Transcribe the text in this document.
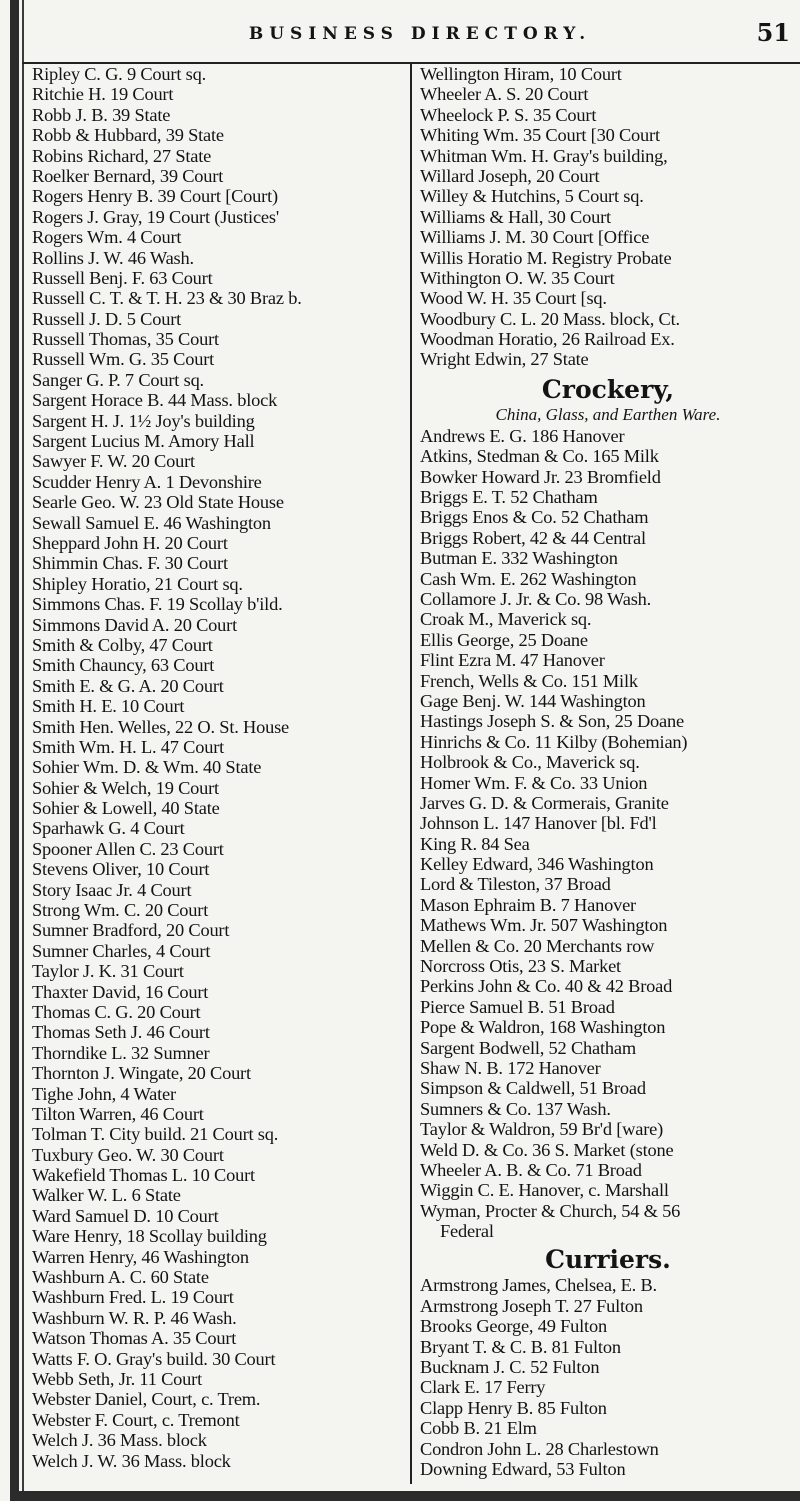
BUSINESS DIRECTORY.	51
Ripley C. G. 9 Court sq.
Ritchie H. 19 Court
Robb J. B. 39 State
Robb & Hubbard, 39 State
Robins Richard, 27 State
Roelker Bernard, 39 Court
Rogers Henry B. 39 Court [Court)
Rogers J. Gray, 19 Court (Justices'
Rogers Wm. 4 Court
Rollins J. W. 46 Wash.
Russell Benj. F. 63 Court
Russell C. T. & T. H. 23 & 30 Braz b.
Russell J. D. 5 Court
Russell Thomas, 35 Court
Russell Wm. G. 35 Court
Sanger G. P. 7 Court sq.
Sargent Horace B. 44 Mass. block
Sargent H. J. 1½ Joy's building
Sargent Lucius M. Amory Hall
Sawyer F. W. 20 Court
Scudder Henry A. 1 Devonshire
Searle Geo. W. 23 Old State House
Sewall Samuel E. 46 Washington
Sheppard John H. 20 Court
Shimmin Chas. F. 30 Court
Shipley Horatio, 21 Court sq.
Simmons Chas. F. 19 Scollay b'ild.
Simmons David A. 20 Court
Smith & Colby, 47 Court
Smith Chauncy, 63 Court
Smith E. & G. A. 20 Court
Smith H. E. 10 Court
Smith Hen. Welles, 22 O. St. House
Smith Wm. H. L. 47 Court
Sohier Wm. D. & Wm. 40 State
Sohier & Welch, 19 Court
Sohier & Lowell, 40 State
Sparhawk G. 4 Court
Spooner Allen C. 23 Court
Stevens Oliver, 10 Court
Story Isaac Jr. 4 Court
Strong Wm. C. 20 Court
Sumner Bradford, 20 Court
Sumner Charles, 4 Court
Taylor J. K. 31 Court
Thaxter David, 16 Court
Thomas C. G. 20 Court
Thomas Seth J. 46 Court
Thorndike L. 32 Sumner
Thornton J. Wingate, 20 Court
Tighe John, 4 Water
Tilton Warren, 46 Court
Tolman T. City build. 21 Court sq.
Tuxbury Geo. W. 30 Court
Wakefield Thomas L. 10 Court
Walker W. L. 6 State
Ward Samuel D. 10 Court
Ware Henry, 18 Scollay building
Warren Henry, 46 Washington
Washburn A. C. 60 State
Washburn Fred. L. 19 Court
Washburn W. R. P. 46 Wash.
Watson Thomas A. 35 Court
Watts F. O. Gray's build. 30 Court
Webb Seth, Jr. 11 Court
Webster Daniel, Court, c. Trem.
Webster F. Court, c. Tremont
Welch J. 36 Mass. block
Welch J. W. 36 Mass. block
Wellington Hiram, 10 Court
Wheeler A. S. 20 Court
Wheelock P. S. 35 Court
Whiting Wm. 35 Court [30 Court
Whitman Wm. H. Gray's building,
Willard Joseph, 20 Court
Willey & Hutchins, 5 Court sq.
Williams & Hall, 30 Court
Williams J. M. 30 Court [Office
Willis Horatio M. Registry Probate
Withington O. W. 35 Court
Wood W. H. 35 Court [sq.
Woodbury C. L. 20 Mass. block, Ct.
Woodman Horatio, 26 Railroad Ex.
Wright Edwin, 27 State
Crockery,
China, Glass, and Earthen Ware.
Andrews E. G. 186 Hanover
Atkins, Stedman & Co. 165 Milk
Bowker Howard Jr. 23 Bromfield
Briggs E. T. 52 Chatham
Briggs Enos & Co. 52 Chatham
Briggs Robert, 42 & 44 Central
Butman E. 332 Washington
Cash Wm. E. 262 Washington
Collamore J. Jr. & Co. 98 Wash.
Croak M., Maverick sq.
Ellis George, 25 Doane
Flint Ezra M. 47 Hanover
French, Wells & Co. 151 Milk
Gage Benj. W. 144 Washington
Hastings Joseph S. & Son, 25 Doane
Hinrichs & Co. 11 Kilby (Bohemian)
Holbrook & Co., Maverick sq.
Homer Wm. F. & Co. 33 Union
Jarves G. D. & Cormerais, Granite
Johnson L. 147 Hanover [bl. Fd'l
King R. 84 Sea
Kelley Edward, 346 Washington
Lord & Tileston, 37 Broad
Mason Ephraim B. 7 Hanover
Mathews Wm. Jr. 507 Washington
Mellen & Co. 20 Merchants row
Norcross Otis, 23 S. Market
Perkins John & Co. 40 & 42 Broad
Pierce Samuel B. 51 Broad
Pope & Waldron, 168 Washington
Sargent Bodwell, 52 Chatham
Shaw N. B. 172 Hanover
Simpson & Caldwell, 51 Broad
Sumners & Co. 137 Wash.
Taylor & Waldron, 59 Br'd [ware)
Weld D. & Co. 36 S. Market (stone
Wheeler A. B. & Co. 71 Broad
Wiggin C. E. Hanover, c. Marshall
Wyman, Procter & Church, 54 & 56
Federal
Curriers.
Armstrong James, Chelsea, E. B.
Armstrong Joseph T. 27 Fulton
Brooks George, 49 Fulton
Bryant T. & C. B. 81 Fulton
Bucknam J. C. 52 Fulton
Clark E. 17 Ferry
Clapp Henry B. 85 Fulton
Cobb B. 21 Elm
Condron John L. 28 Charlestown
Downing Edward, 53 Fulton
